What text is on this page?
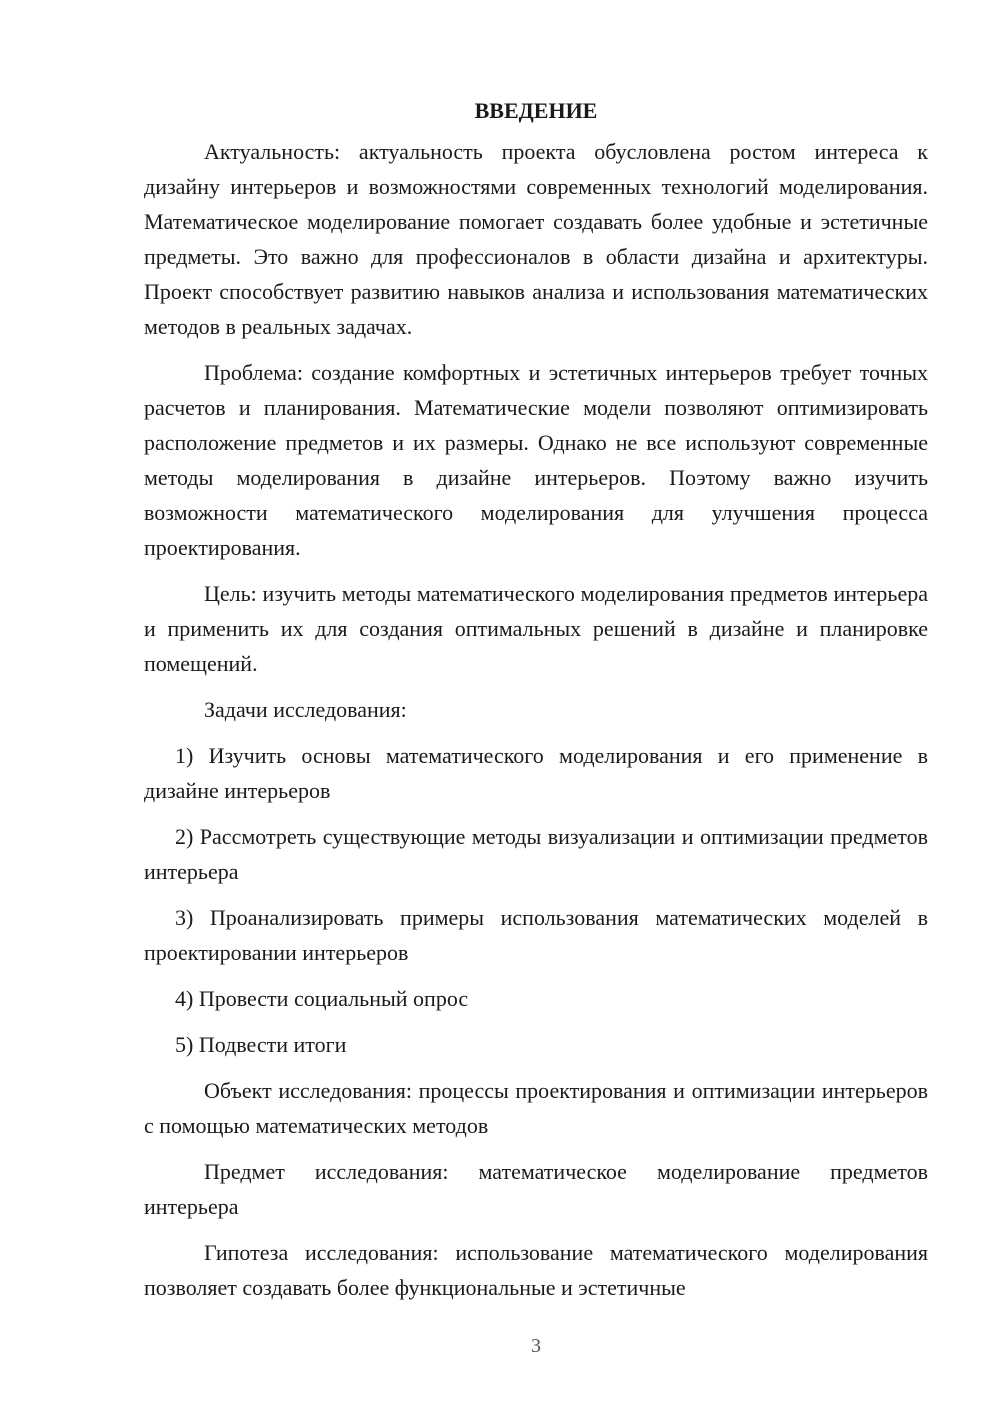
ВВЕДЕНИЕ

Актуальность: актуальность проекта обусловлена ростом интереса к дизайну интерьеров и возможностями современных технологий моделирования. Математическое моделирование помогает создавать более удобные и эстетичные предметы. Это важно для профессионалов в области дизайна и архитектуры. Проект способствует развитию навыков анализа и использования математических методов в реальных задачах.

Проблема: создание комфортных и эстетичных интерьеров требует точных расчетов и планирования. Математические модели позволяют оптимизировать расположение предметов и их размеры. Однако не все используют современные методы моделирования в дизайне интерьеров. Поэтому важно изучить возможности математического моделирования для улучшения процесса проектирования.

Цель: изучить методы математического моделирования предметов интерьера и применить их для создания оптимальных решений в дизайне и планировке помещений.

Задачи исследования:

1) Изучить основы математического моделирования и его применение в дизайне интерьеров

2) Рассмотреть существующие методы визуализации и оптимизации предметов интерьера

3) Проанализировать примеры использования математических моделей в проектировании интерьеров

4) Провести социальный опрос

5) Подвести итоги

Объект исследования: процессы проектирования и оптимизации интерьеров с помощью математических методов

Предмет исследования: математическое моделирование предметов интерьера

Гипотеза исследования: использование математического моделирования позволяет создавать более функциональные и эстетичные

3
